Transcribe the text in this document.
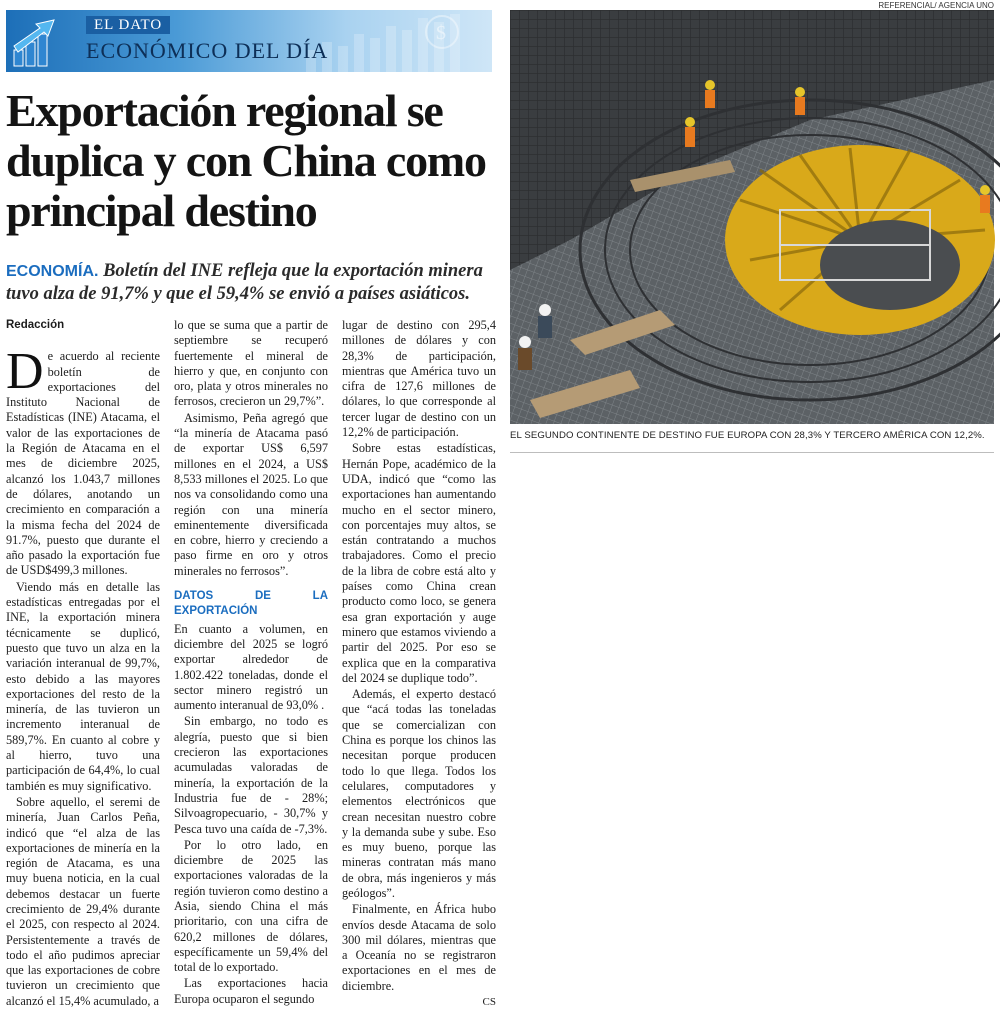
$
EL DATO
ECONÓMICO DEL DÍA
Exportación regional se duplica y con China como principal destino
ECONOMÍA. Boletín del INE refleja que la exportación minera tuvo alza de 91,7% y que el 59,4% se envió a países asiáticos.
Redacción

De acuerdo al reciente boletín de exportaciones del Instituto Nacional de Estadísticas (INE) Atacama, el valor de las exportaciones de la Región de Atacama en el mes de diciembre 2025, alcanzó los 1.043,7 millones de dólares, anotando un crecimiento en comparación a la misma fecha del 2024 de 91.7%, puesto que durante el año pasado la exportación fue de USD$499,3 millones.

Viendo más en detalle las estadísticas entregadas por el INE, la exportación minera técnicamente se duplicó, puesto que tuvo un alza en la variación interanual de 99,7%, esto debido a las mayores exportaciones del resto de la minería, de las tuvieron un incremento interanual de 589,7%. En cuanto al cobre y al hierro, tuvo una participación de 64,4%, lo cual también es muy significativo.

Sobre aquello, el seremi de minería, Juan Carlos Peña, indicó que “el alza de las exportaciones de minería en la región de Atacama, es una muy buena noticia, en la cual debemos destacar un fuerte crecimiento de 29,4% durante el 2025, con respecto al 2024. Persistentemente a través de todo el año pudimos apreciar que las exportaciones de cobre tuvieron un crecimiento que alcanzó el 15,4% acumulado, a

lo que se suma que a partir de septiembre se recuperó fuertemente el mineral de hierro y que, en conjunto con oro, plata y otros minerales no ferrosos, crecieron un 29,7%”.

Asimismo, Peña agregó que “la minería de Atacama pasó de exportar US$ 6,597 millones en el 2024, a US$ 8,533 millones el 2025. Lo que nos va consolidando como una región con una minería eminentemente diversificada en cobre, hierro y creciendo a paso firme en oro y otros minerales no ferrosos”.

DATOS DE LA EXPORTACIÓN

En cuanto a volumen, en diciembre del 2025 se logró exportar alrededor de 1.802.422 toneladas, donde el sector minero registró un aumento interanual de 93,0% .

Sin embargo, no todo es alegría, puesto que si bien crecieron las exportaciones acumuladas valoradas de minería, la exportación de la Industria fue de - 28%; Silvoagropecuario, - 30,7% y Pesca tuvo una caída de -7,3%.

Por lo otro lado, en diciembre de 2025 las exportaciones valoradas de la región tuvieron como destino a Asia, siendo China el más prioritario, con una cifra de 620,2 millones de dólares, específicamente un 59,4% del total de lo exportado.

Las exportaciones hacia Europa ocuparon el segundo

lugar de destino con 295,4 millones de dólares y con 28,3% de participación, mientras que América tuvo un cifra de 127,6 millones de dólares, lo que corresponde al tercer lugar de destino con un 12,2% de participación.

Sobre estas estadísticas, Hernán Pope, académico de la UDA, indicó que “como las exportaciones han aumentando mucho en el sector minero, con porcentajes muy altos, se están contratando a muchos trabajadores. Como el precio de la libra de cobre está alto y países como China crean producto como loco, se genera esa gran exportación y auge minero que estamos viviendo a partir del 2025. Por eso se explica que en la comparativa del 2024 se duplique todo”.

Además, el experto destacó que “acá todas las toneladas que se comercializan con China es porque los chinos las necesitan porque producen todo lo que llega. Todos los celulares, computadores y elementos electrónicos que crean necesitan nuestro cobre y la demanda sube y sube. Eso es muy bueno, porque las mineras contratan más mano de obra, más ingenieros y más geólogos”.

Finalmente, en África hubo envíos desde Atacama de solo 300 mil dólares, mientras que a Oceanía no se registraron exportaciones en el mes de diciembre.

CS
REFERENCIAL/ AGENCIA UNO
EL SEGUNDO CONTINENTE DE DESTINO FUE EUROPA CON 28,3% Y TERCERO AMÉRICA CON 12,2%.
